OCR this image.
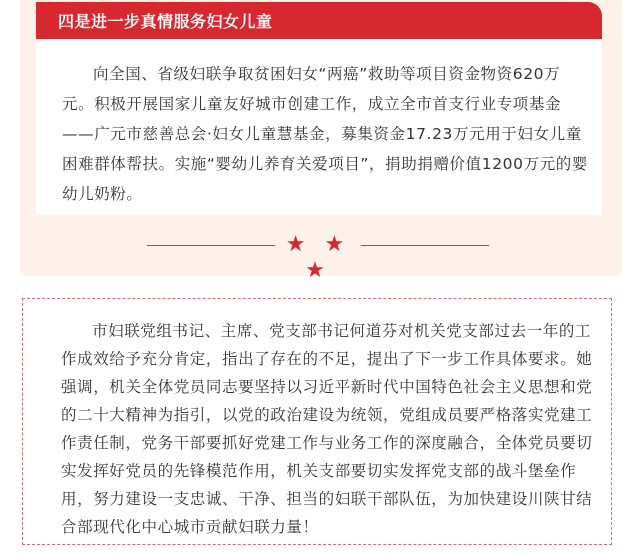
四是进一步真情服务妇女儿童

向全国、省级妇联争取贫困妇女“两癌”救助等项目资金物资620万元。积极开展国家儿童友好城市创建工作，成立全市首支行业专项基金——广元市慈善总会·妇女儿童慧基金，募集资金17.23万元用于妇女儿童困难群体帮扶。实施“婴幼儿养育关爱项目”，捐助捐赠价值1200万元的婴幼儿奶粉。

★ ★ ★

市妇联党组书记、主席、党支部书记何道芬对机关党支部过去一年的工作成效给予充分肯定，指出了存在的不足，提出了下一步工作具体要求。她强调，机关全体党员同志要坚持以习近平新时代中国特色社会主义思想和党的二十大精神为指引，以党的政治建设为统领，党组成员要严格落实党建工作责任制，党务干部要抓好党建工作与业务工作的深度融合，全体党员要切实发挥好党员的先锋模范作用，机关支部要切实发挥党支部的战斗堡垒作用，努力建设一支忠诚、干净、担当的妇联干部队伍，为加快建设川陕甘结合部现代化中心城市贡献妇联力量！
